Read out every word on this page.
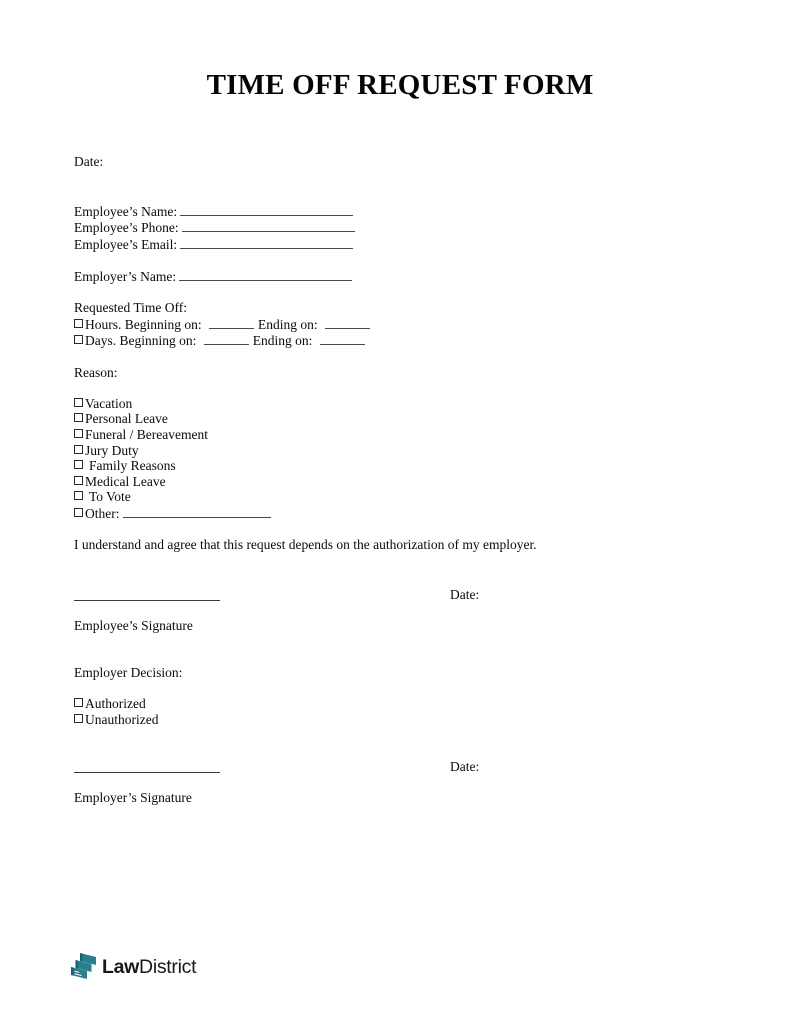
TIME OFF REQUEST FORM

Date:

Employee’s Name:

Employee’s Phone:

Employee’s Email:

Employer’s Name:

Requested Time Off:

Hours. Beginning on:	Ending on:

Days. Beginning on:	Ending on:

Reason:

Vacation

Personal Leave

Funeral / Bereavement

Jury Duty

Family Reasons

Medical Leave

To Vote

Other:

I understand and agree that this request depends on the authorization of my employer.

Date:

Employee’s Signature

Employer Decision:

Authorized

Unauthorized

Date:

Employer’s Signature

LawDistrict
